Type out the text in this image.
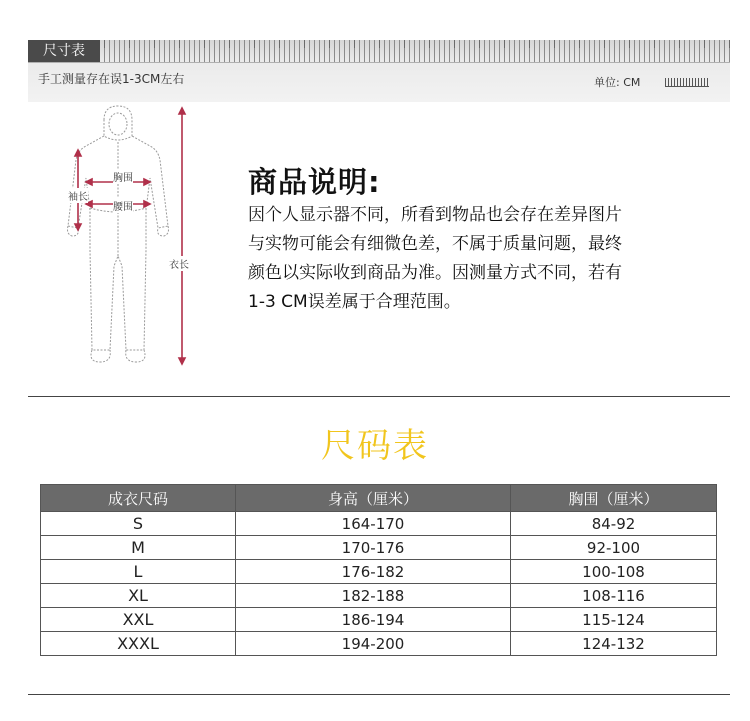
尺寸表
手工测量存在误1-3CM左右	单位: CM
胸围
袖长
腰围
衣长
商品说明:
因个人显示器不同，所看到物品也会存在差异图片
与实物可能会有细微色差，不属于质量问题，最终
颜色以实际收到商品为准。因测量方式不同，若有
1-3 CM误差属于合理范围。
尺码表
成衣尺码	身高（厘米）	胸围（厘米）
S	164-170	84-92
M	170-176	92-100
L	176-182	100-108
XL	182-188	108-116
XXL	186-194	115-124
XXXL	194-200	124-132
